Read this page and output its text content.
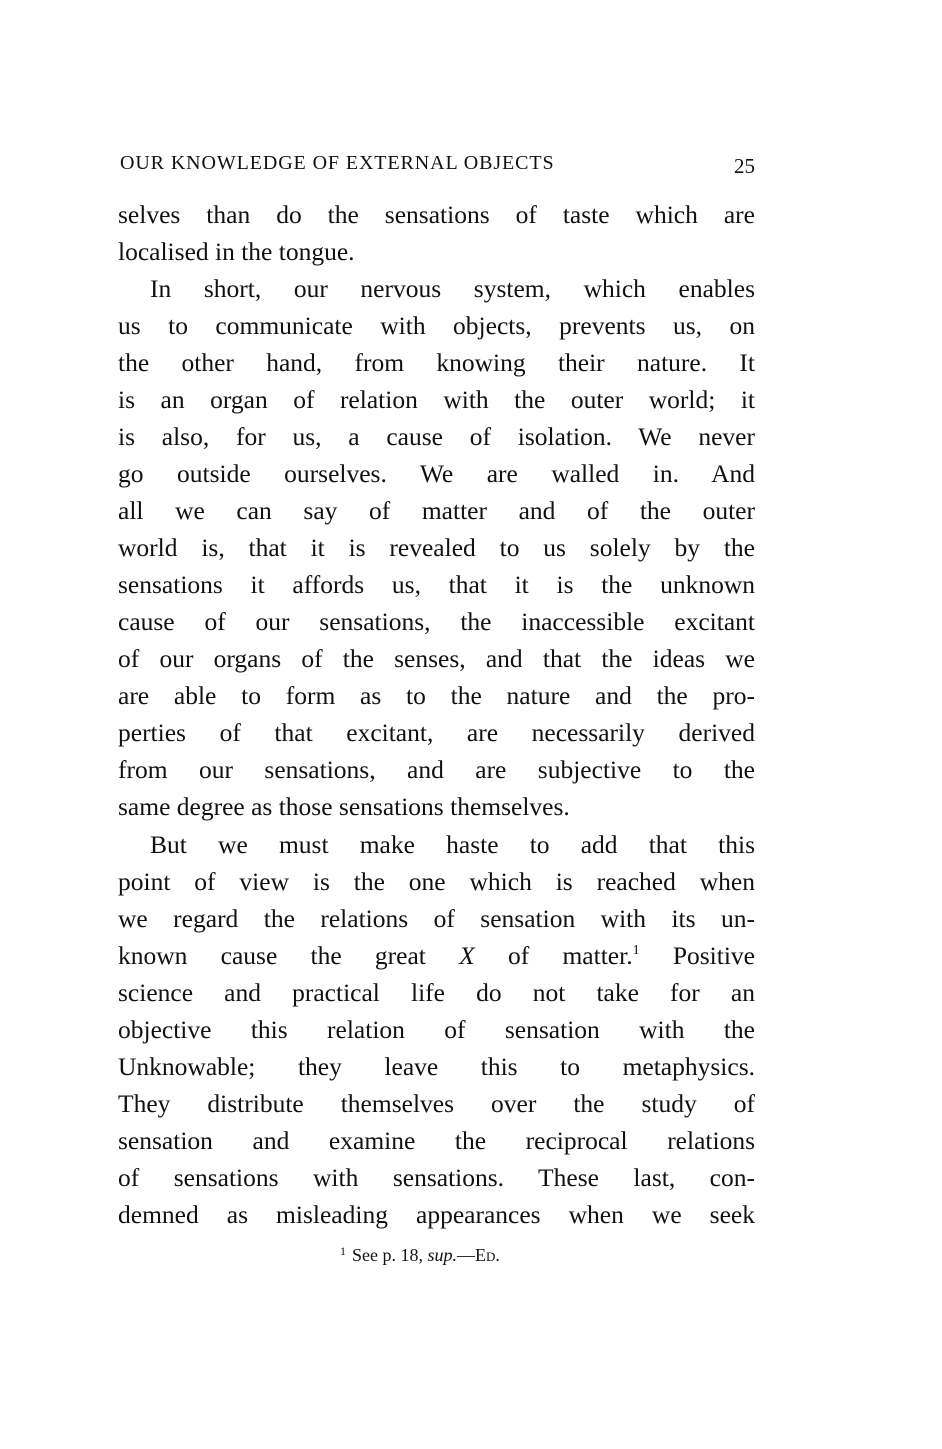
OUR KNOWLEDGE OF EXTERNAL OBJECTS	25
selves than do the sensations of taste which are
localised in the tongue.
In short, our nervous system, which enables
us to communicate with objects, prevents us, on
the other hand, from knowing their nature. It
is an organ of relation with the outer world; it
is also, for us, a cause of isolation. We never
go outside ourselves. We are walled in. And
all we can say of matter and of the outer
world is, that it is revealed to us solely by the
sensations it affords us, that it is the unknown
cause of our sensations, the inaccessible excitant
of our organs of the senses, and that the ideas we
are able to form as to the nature and the pro-
perties of that excitant, are necessarily derived
from our sensations, and are subjective to the
same degree as those sensations themselves.
But we must make haste to add that this
point of view is the one which is reached when
we regard the relations of sensation with its un-
known cause the great X of matter.$^1$ Positive
science and practical life do not take for an
objective this relation of sensation with the
Unknowable; they leave this to metaphysics.
They distribute themselves over the study of
sensation and examine the reciprocal relations
of sensations with sensations. These last, con-
demned as misleading appearances when we seek
$^1$ See p. 18, sup.—Ed.
